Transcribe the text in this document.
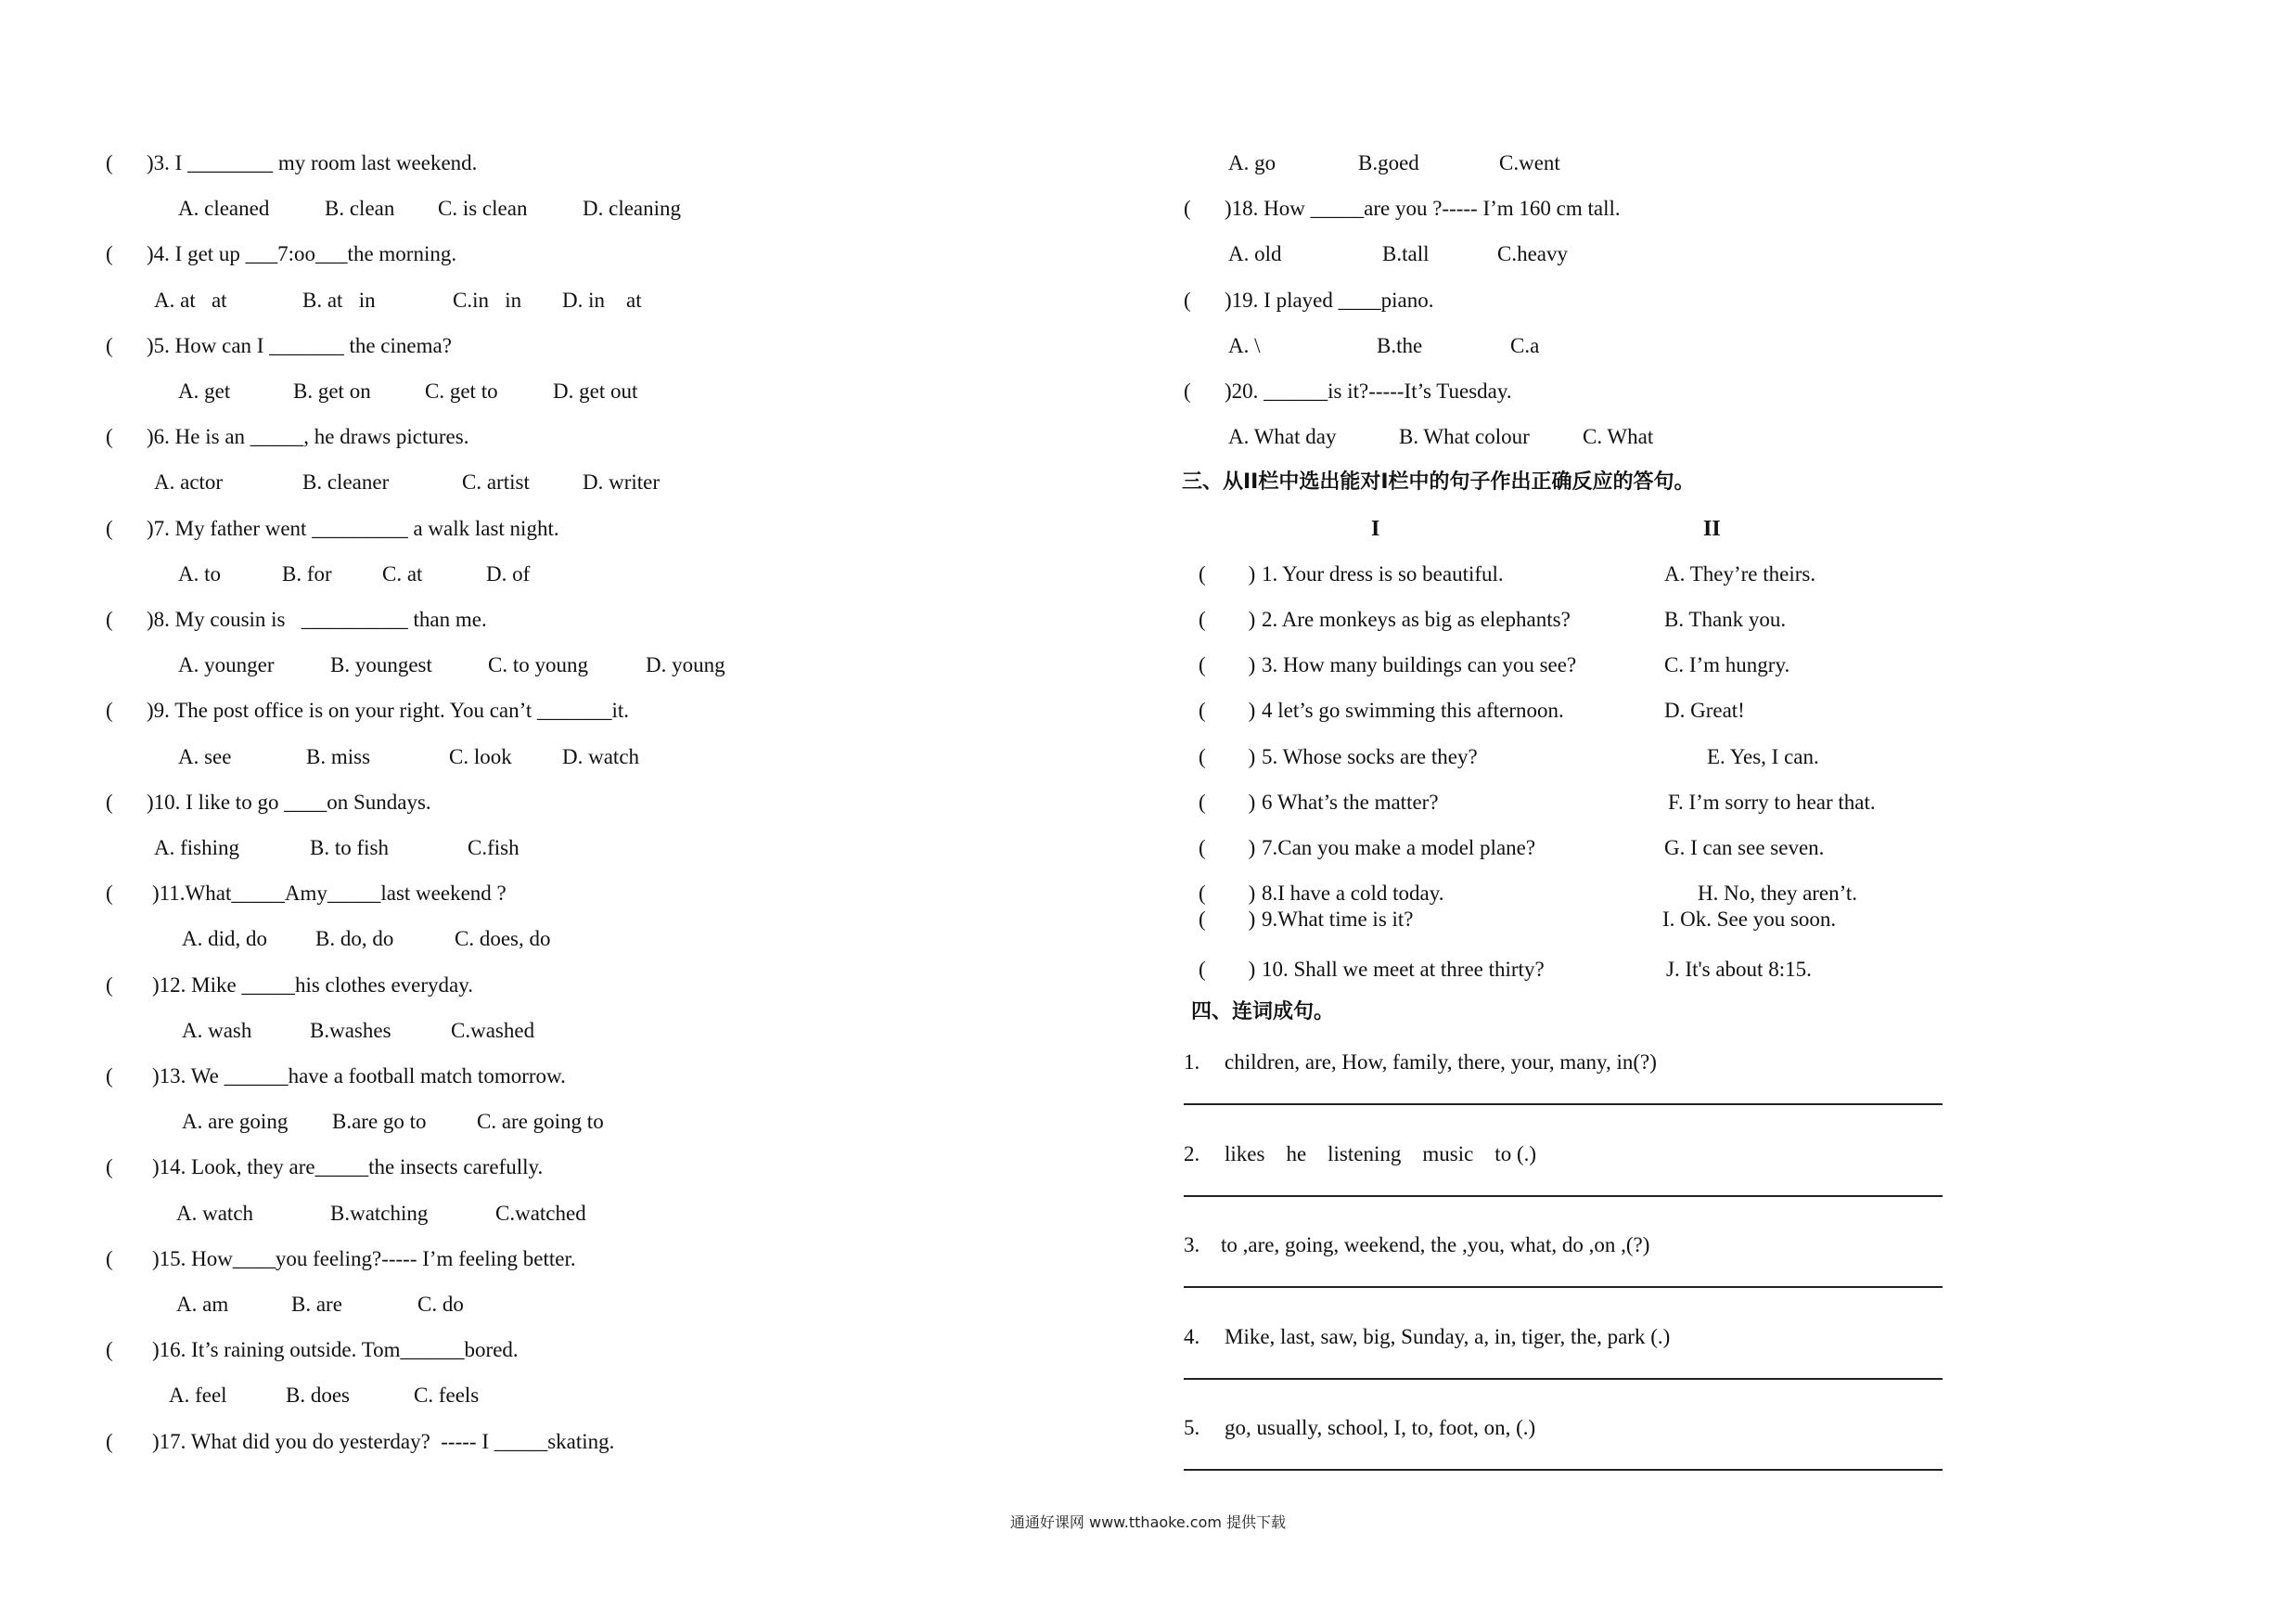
( )3. I ________ my room last weekend.
A. cleaned	B. clean C. is clean	D. cleaning
( )4. I get up ___7:oo___the morning.
A. at   at	B. at   in	C.in   in D. in    at
( )5. How can I _______ the cinema?
A. get	B. get on	C. get to	D. get out
( )6. He is an _____, he draws pictures.
A. actor	B. cleaner	C. artist D. writer
( )7. My father went _________ a walk last night.
A. to	B. for C. at	D. of
( )8. My cousin is   __________ than me.
A. younger	B. youngest	C. to young	D. young
( )9. The post office is on your right. You can’t _______it.
A. see	B. miss	C. look D. watch
( )10. I like to go ____on Sundays.
A. fishing	B. to fish	C.fish
( )11.What_____Amy_____last weekend ?
A. did, do B. do, do	C. does, do
( )12. Mike _____his clothes everyday.
A. wash	B.washes	C.washed
( )13. We ______have a football match tomorrow.
A. are going B.are go to C. are going to
( )14. Look, they are_____the insects carefully.
A. watch	B.watching	C.watched
( )15. How____you feeling?----- I’m feeling better.
A. am	B. are	C. do
( )16. It’s raining outside. Tom______bored.
A. feel	B. does	C. feels
( )17. What did you do yesterday?  ----- I _____skating.
A. go	B.goed	C.went
( )18. How _____are you ?----- I’m 160 cm tall.
A. old	B.tall	C.heavy
( )19. I played ____piano.
A. \	B.the	C.a
( )20. ______is it?-----It’s Tuesday.
A. What day	B. What colour C. What
三、从II栏中选出能对I栏中的句子作出正确反应的答句。
I	II
(        ) 1. Your dress is so beautiful.	A. They’re theirs.
(        ) 2. Are monkeys as big as elephants?	B. Thank you.
(        ) 3. How many buildings can you see?	C. I’m hungry.
(        ) 4 let’s go swimming this afternoon.	D. Great!
(        ) 5. Whose socks are they?	E. Yes, I can.
(        ) 6 What’s the matter?	F. I’m sorry to hear that.
(        ) 7.Can you make a model plane?	G. I can see seven.
(        ) 8.I have a cold today.	H. No, they aren’t.
(        ) 9.What time is it?	I. Ok. See you soon.
(        ) 10. Shall we meet at three thirty?	J. It's about 8:15.
四、连词成句。
1. children, are, How, family, there, your, many, in(?)
2. likes    he    listening    music    to (.)
3. to ,are, going, weekend, the ,you, what, do ,on ,(?)
4. Mike, last, saw, big, Sunday, a, in, tiger, the, park (.)
5. go, usually, school, I, to, foot, on, (.)
通通好课网 www.tthaoke.com 提供下载
